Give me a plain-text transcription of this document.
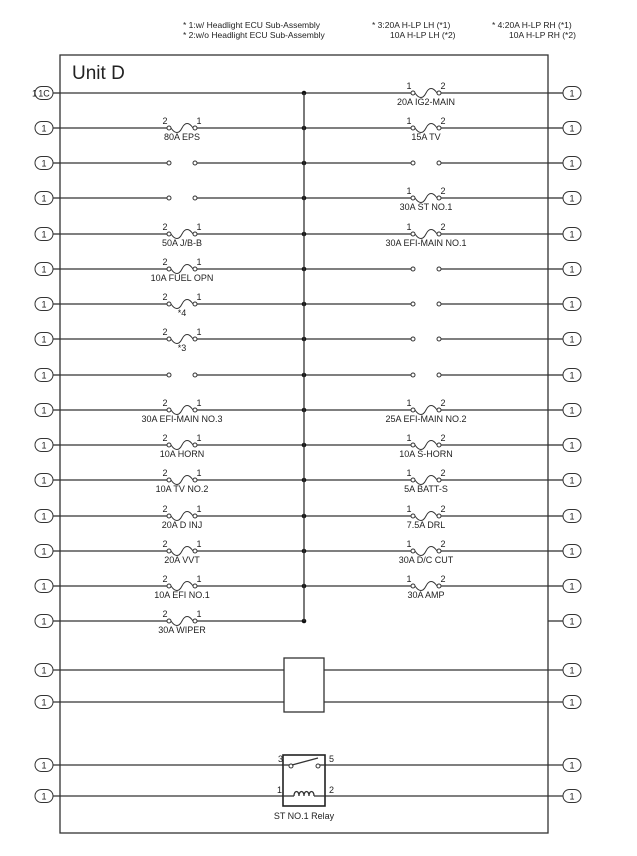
* 1:w/ Headlight ECU Sub-Assembly
* 2:w/o Headlight ECU Sub-Assembly
* 3:20A H-LP LH (*1)
10A H-LP LH (*2)
* 4:20A H-LP RH (*1)
10A H-LP RH (*2)
Unit D
1C
1	1
1	2
20A IG2-MAIN
1	1
2	1
80A EPS
1	2
15A TV
1	1
1	1
1	2
30A ST NO.1
1	1
2	1
50A J/B-B
1	2
30A EFI-MAIN NO.1
1	1
2	1
10A FUEL OPN
1	1
2	1
*4
1	1
2	1
*3
1	1
1	1
2	1
30A EFI-MAIN NO.3
1	2
25A EFI-MAIN NO.2
1	1
2	1
10A HORN
1	2
10A S-HORN
1	1
2	1
10A TV NO.2
1	2
5A BATT-S
1	1
2	1
20A D INJ
1	2
7.5A DRL
1	1
2	1
20A VVT
1	2
30A D/C CUT
1	1
2	1
10A EFI NO.1
1	2
30A AMP
1	1
2	1
30A WIPER
1	1
1	1
1	1
1	1
3	5
1	2
ST NO.1 Relay
